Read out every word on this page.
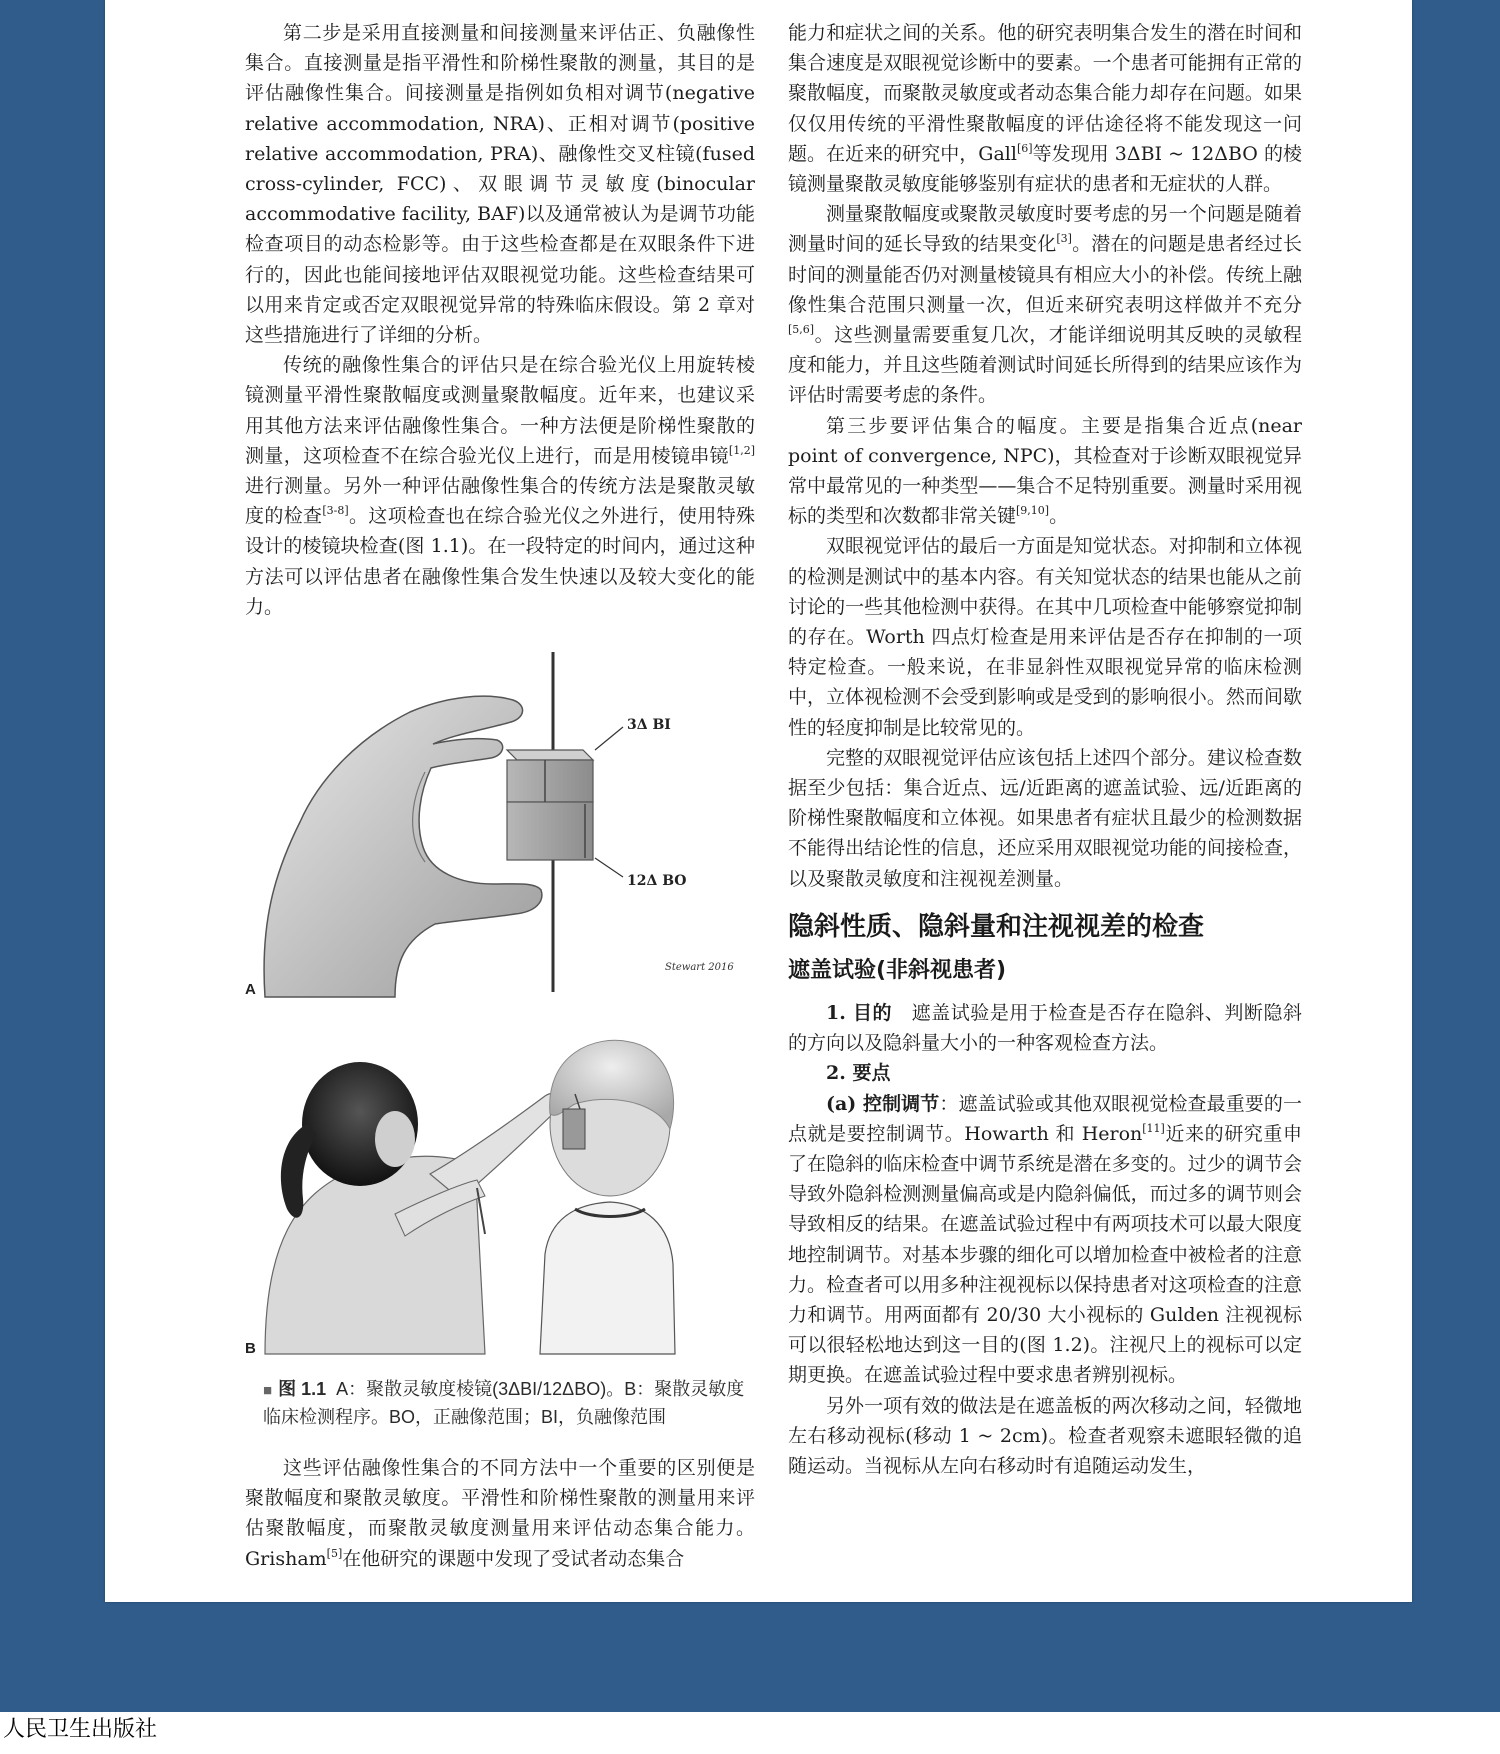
第二步是采用直接测量和间接测量来评估正、负融像性集合。直接测量是指平滑性和阶梯性聚散的测量，其目的是评估融像性集合。间接测量是指例如负相对调节(negative relative accommodation, NRA)、正相对调节(positive relative accommodation, PRA)、融像性交叉柱镜(fused cross-cylinder, FCC)、双眼调节灵敏度(binocular accommodative facility, BAF)以及通常被认为是调节功能检查项目的动态检影等。由于这些检查都是在双眼条件下进行的，因此也能间接地评估双眼视觉功能。这些检查结果可以用来肯定或否定双眼视觉异常的特殊临床假设。第 2 章对这些措施进行了详细的分析。

传统的融像性集合的评估只是在综合验光仪上用旋转棱镜测量平滑性聚散幅度或测量聚散幅度。近年来，也建议采用其他方法来评估融像性集合。一种方法便是阶梯性聚散的测量，这项检查不在综合验光仪上进行，而是用棱镜串镜[1,2]进行测量。另外一种评估融像性集合的传统方法是聚散灵敏度的检查[3-8]。这项检查也在综合验光仪之外进行，使用特殊设计的棱镜块检查(图 1.1)。在一段特定的时间内，通过这种方法可以评估患者在融像性集合发生快速以及较大变化的能力。

3Δ BI
12Δ BO
Stewart 2016
A
B
■ 图 1.1 A：聚散灵敏度棱镜(3ΔBI/12ΔBO)。B：聚散灵敏度临床检测程序。BO，正融像范围；BI，负融像范围

这些评估融像性集合的不同方法中一个重要的区别便是聚散幅度和聚散灵敏度。平滑性和阶梯性聚散的测量用来评估聚散幅度，而聚散灵敏度测量用来评估动态集合能力。Grisham[5]在他研究的课题中发现了受试者动态集合

能力和症状之间的关系。他的研究表明集合发生的潜在时间和集合速度是双眼视觉诊断中的要素。一个患者可能拥有正常的聚散幅度，而聚散灵敏度或者动态集合能力却存在问题。如果仅仅用传统的平滑性聚散幅度的评估途径将不能发现这一问题。在近来的研究中，Gall[6]等发现用 3ΔBI ~ 12ΔBO 的棱镜测量聚散灵敏度能够鉴别有症状的患者和无症状的人群。

测量聚散幅度或聚散灵敏度时要考虑的另一个问题是随着测量时间的延长导致的结果变化[3]。潜在的问题是患者经过长时间的测量能否仍对测量棱镜具有相应大小的补偿。传统上融像性集合范围只测量一次，但近来研究表明这样做并不充分[5,6]。这些测量需要重复几次，才能详细说明其反映的灵敏程度和能力，并且这些随着测试时间延长所得到的结果应该作为评估时需要考虑的条件。

第三步要评估集合的幅度。主要是指集合近点(near point of convergence, NPC)，其检查对于诊断双眼视觉异常中最常见的一种类型——集合不足特别重要。测量时采用视标的类型和次数都非常关键[9,10]。

双眼视觉评估的最后一方面是知觉状态。对抑制和立体视的检测是测试中的基本内容。有关知觉状态的结果也能从之前讨论的一些其他检测中获得。在其中几项检查中能够察觉抑制的存在。Worth 四点灯检查是用来评估是否存在抑制的一项特定检查。一般来说，在非显斜性双眼视觉异常的临床检测中，立体视检测不会受到影响或是受到的影响很小。然而间歇性的轻度抑制是比较常见的。

完整的双眼视觉评估应该包括上述四个部分。建议检查数据至少包括：集合近点、远/近距离的遮盖试验、远/近距离的阶梯性聚散幅度和立体视。如果患者有症状且最少的检测数据不能得出结论性的信息，还应采用双眼视觉功能的间接检查，以及聚散灵敏度和注视视差测量。

隐斜性质、隐斜量和注视视差的检查
遮盖试验(非斜视患者)

1. 目的　遮盖试验是用于检查是否存在隐斜、判断隐斜的方向以及隐斜量大小的一种客观检查方法。

2. 要点

(a) 控制调节：遮盖试验或其他双眼视觉检查最重要的一点就是要控制调节。Howarth 和 Heron[11]近来的研究重申了在隐斜的临床检查中调节系统是潜在多变的。过少的调节会导致外隐斜检测测量偏高或是内隐斜偏低，而过多的调节则会导致相反的结果。在遮盖试验过程中有两项技术可以最大限度地控制调节。对基本步骤的细化可以增加检查中被检者的注意力。检查者可以用多种注视视标以保持患者对这项检查的注意力和调节。用两面都有 20/30 大小视标的 Gulden 注视视标可以很轻松地达到这一目的(图 1.2)。注视尺上的视标可以定期更换。在遮盖试验过程中要求患者辨别视标。

另外一项有效的做法是在遮盖板的两次移动之间，轻微地左右移动视标(移动 1 ~ 2cm)。检查者观察未遮眼轻微的追随运动。当视标从左向右移动时有追随运动发生，

人民卫生出版社
